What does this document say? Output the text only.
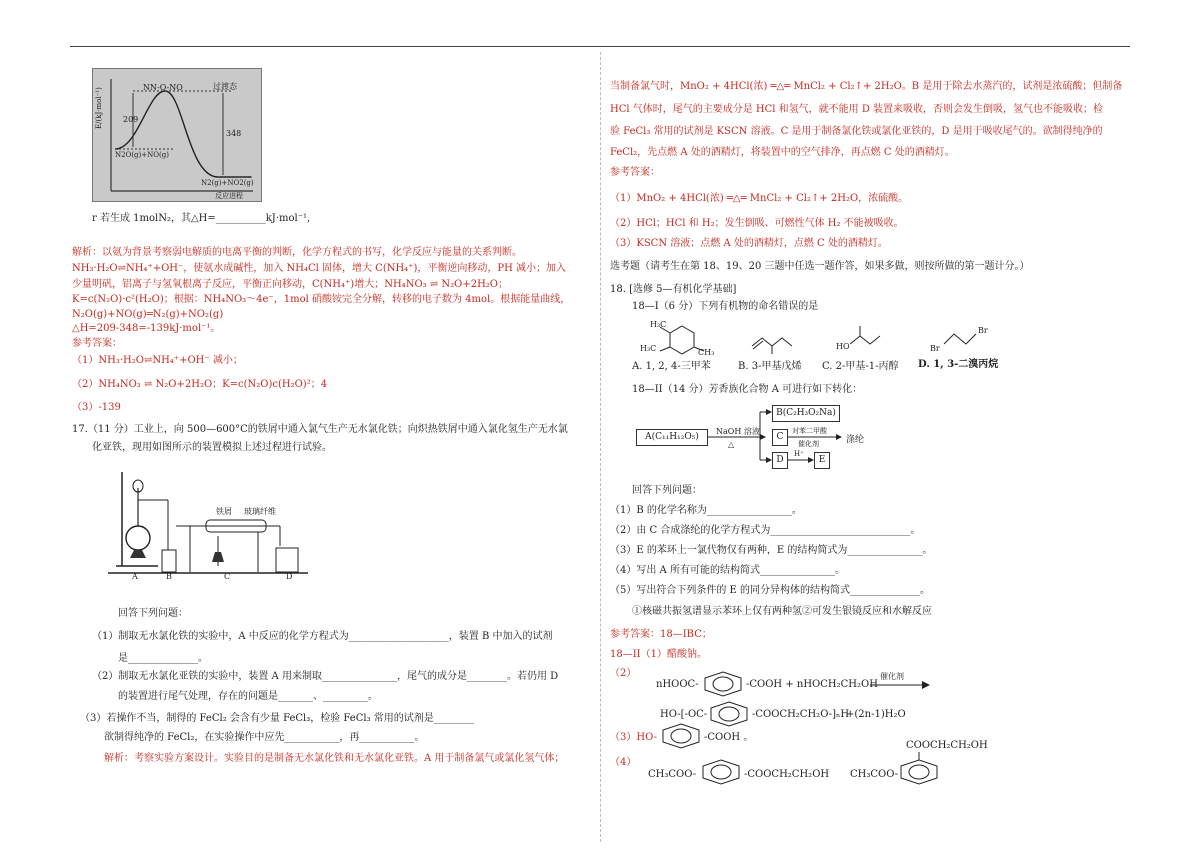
NN-O-NO	过渡态
209
348
N2O(g)+NO(g)
N2(g)+NO2(g)
E/(kJ·mol⁻¹)
反应进程
r 若生成 1molN₂，其△H=__________kJ·mol⁻¹,
解析：以氨为背景考察弱电解质的电离平衡的判断，化学方程式的书写，化学反应与能量的关系判断。
NH₃·H₂O⇌NH₄⁺+OH⁻，使氨水成碱性，加入 NH₄Cl 固体，增大 C(NH₄⁺)，平衡逆向移动，PH 减小；加入
少量明矾，铝离子与氢氧根离子反应，平衡正向移动，C(NH₄⁺)增大；NH₄NO₃ ⇌ N₂O+2H₂O；
K=c(N₂O)·c²(H₂O)；根据：NH₄NO₃～4e⁻，1mol 硝酸铵完全分解，转移的电子数为 4mol。根据能量曲线，
N₂O(g)+NO(g)═N₂(g)+NO₂(g)
△H=209-348=-139kJ·mol⁻¹。
参考答案：
（1）NH₃·H₂O⇌NH₄⁺+OH⁻ 减小；
（2）NH₄NO₃ ⇌ N₂O+2H₂O；K=c(N₂O)c(H₂O)²；4
（3）-139
17.（11 分）工业上，向 500—600°C的铁屑中通入氯气生产无水氯化铁；向炽热铁屑中通入氯化氢生产无水氯
化亚铁，现用如图所示的装置模拟上述过程进行试验。
铁屑 玻璃纤维
A	B	C	D
回答下列问题：
（1）制取无水氯化铁的实验中，A 中反应的化学方程式为____________________，装置 B 中加入的试剂
是______________。
（2）制取无水氯化亚铁的实验中，装置 A 用来制取_______________，尾气的成分是________。若仍用 D
的装置进行尾气处理，存在的问题是_______、_________。
（3）若操作不当，制得的 FeCl₂ 会含有少量 FeCl₃，检验 FeCl₃ 常用的试剂是________
欲制得纯净的 FeCl₂，在实验操作中应先___________，再___________。
解析：考察实验方案设计。实验目的是制备无水氯化铁和无水氯化亚铁。A 用于制备氯气或氯化氢气体；
当制备氯气时，MnO₂ + 4HCl(浓) ═△═ MnCl₂ + Cl₂↑+ 2H₂O。B 是用于除去水蒸汽的，试剂是浓硫酸；但制备
HCl 气体时，尾气的主要成分是 HCl 和氢气，就不能用 D 装置来吸收，否则会发生倒吸，氢气也不能吸收；检
验 FeCl₃ 常用的试剂是 KSCN 溶液。C 是用于制备氯化铁或氯化亚铁的，D 是用于吸收尾气的。欲制得纯净的
FeCl₂，先点燃 A 处的酒精灯，将装置中的空气排净，再点燃 C 处的酒精灯。
参考答案：
（1）MnO₂ + 4HCl(浓) ═△═ MnCl₂ + Cl₂↑+ 2H₂O，浓硫酸。
（2）HCl；HCl 和 H₂；发生倒吸、可燃性气体 H₂ 不能被吸收。
（3）KSCN 溶液；点燃 A 处的酒精灯，点燃 C 处的酒精灯。
选考题（请考生在第 18、19、20 三题中任选一题作答，如果多做，则按所做的第一题计分。）
18. [选修 5—有机化学基础]
18—I（6 分）下列有机物的命名错误的是
H₃C
H₃C	CH₃
HO	Br
Br
A. 1, 2, 4-三甲苯	B. 3-甲基戊烯 C. 2-甲基-1-丙醇 D. 1, 3-二溴丙烷
18—II（14 分）芳香族化合物 A 可进行如下转化：
A(C₁₁H₁₂O₅)
B(C₂H₃O₂Na)
C
D	E
NaOH 溶液
△
对苯二甲酸
催化剂	涤纶
H⁺
回答下列问题：
（1）B 的化学名称为_________________。
（2）由 C 合成涤纶的化学方程式为____________________________。
（3）E 的苯环上一氯代物仅有两种，E 的结构简式为_______________。
（4）写出 A 所有可能的结构简式_______________。
（5）写出符合下列条件的 E 的同分异构体的结构简式______________。
①核磁共振氢谱显示苯环上仅有两种氢②可发生银镜反应和水解反应
参考答案：18—IBC；
18—II（1）醋酸钠。
（2）
nHOOC-	-COOH + nHOCH₂CH₂OH
催化剂
HO-[-OC-	-COOCH₂CH₂O-]ₙH
+(2n-1)H₂O
（3）HO-	-COOH 。
（4）
CH₃COO-	-COOCH₂CH₂OH
COOCH₂CH₂OH
CH₃COO-
